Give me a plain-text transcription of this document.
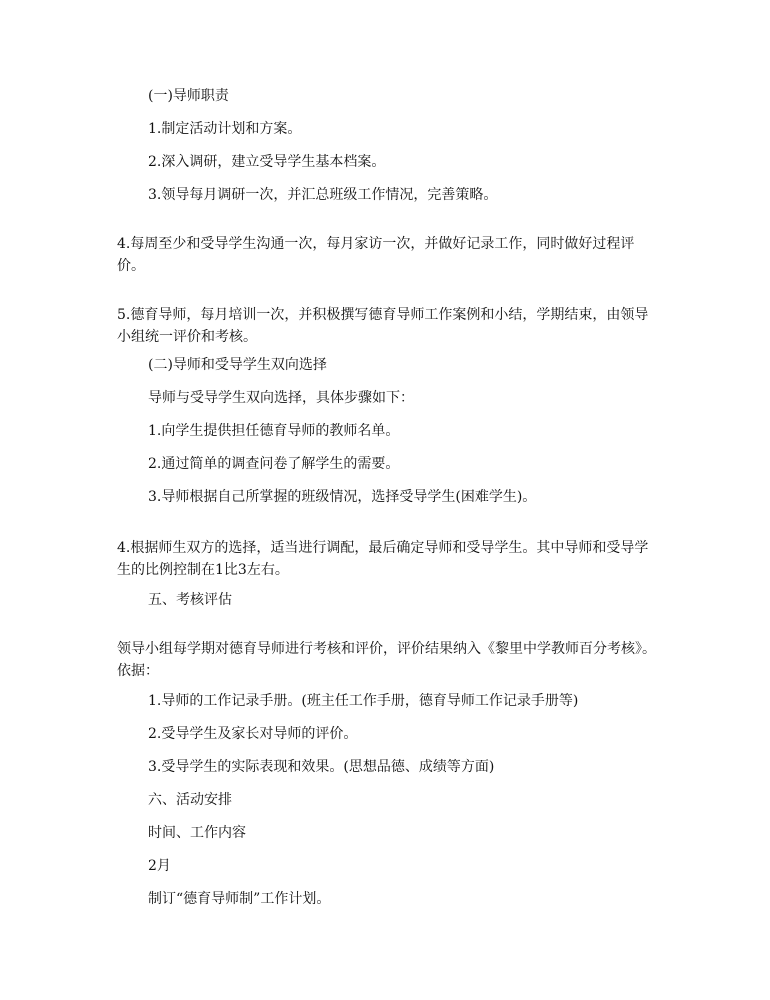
(一)导师职责

1.制定活动计划和方案。

2.深入调研，建立受导学生基本档案。

3.领导每月调研一次，并汇总班级工作情况，完善策略。

4.每周至少和受导学生沟通一次，每月家访一次，并做好记录工作，同时做好过程评价。

5.德育导师，每月培训一次，并积极撰写德育导师工作案例和小结，学期结束，由领导小组统一评价和考核。

(二)导师和受导学生双向选择

导师与受导学生双向选择，具体步骤如下：

1.向学生提供担任德育导师的教师名单。

2.通过简单的调查问卷了解学生的需要。

3.导师根据自己所掌握的班级情况，选择受导学生(困难学生)。

4.根据师生双方的选择，适当进行调配，最后确定导师和受导学生。其中导师和受导学生的比例控制在1比3左右。

五、考核评估

领导小组每学期对德育导师进行考核和评价，评价结果纳入《黎里中学教师百分考核》。依据：

1.导师的工作记录手册。(班主任工作手册，德育导师工作记录手册等)

2.受导学生及家长对导师的评价。

3.受导学生的实际表现和效果。(思想品德、成绩等方面)

六、活动安排

时间、工作内容

2月

制订“德育导师制”工作计划。
